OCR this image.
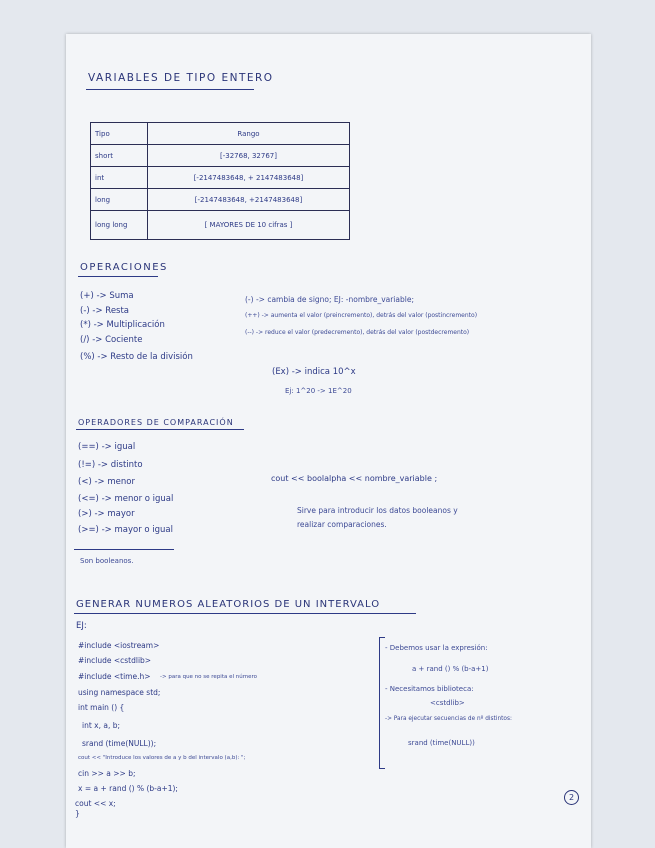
VARIABLES DE TIPO ENTERO
Tipo	Rango
short	[-32768, 32767]
int	[-2147483648, + 2147483648]
long	[-2147483648, +2147483648]
long long	[ MAYORES DE 10 cifras ]
OPERACIONES
(+) -> Suma
(-) -> Resta
(*) -> Multiplicación
(/) -> Cociente
(%) -> Resto de la división
(-) -> cambia de signo; EJ: -nombre_variable;
(++) -> aumenta el valor (preincremento), detrás del valor (postincremento)
(--) -> reduce el valor (predecremento), detrás del valor (postdecremento)
(Ex) -> indica 10^x
Ej: 1^20 -> 1E^20
OPERADORES DE COMPARACIÓN
(==) -> igual
(!=) -> distinto
(<) -> menor
(<=) -> menor o igual
(>) -> mayor
(>=) -> mayor o igual
Son booleanos.
cout << boolalpha << nombre_variable ;
Sirve para introducir los datos booleanos y
realizar comparaciones.
GENERAR NUMEROS ALEATORIOS DE UN INTERVALO
EJ:
#include <iostream>
#include <cstdlib>
#include <time.h> -> para que no se repita el número
using namespace std;
int main () {
int x, a, b;
srand (time(NULL));
cout << "Introduce los valores de a y b del intervalo (a,b): ";
cin >> a >> b;
x = a + rand () % (b-a+1);
cout << x;
}
- Debemos usar la expresión:
a + rand () % (b-a+1)
- Necesitamos biblioteca:
<cstdlib>
-> Para ejecutar secuencias de nº distintos:
srand (time(NULL))
2
